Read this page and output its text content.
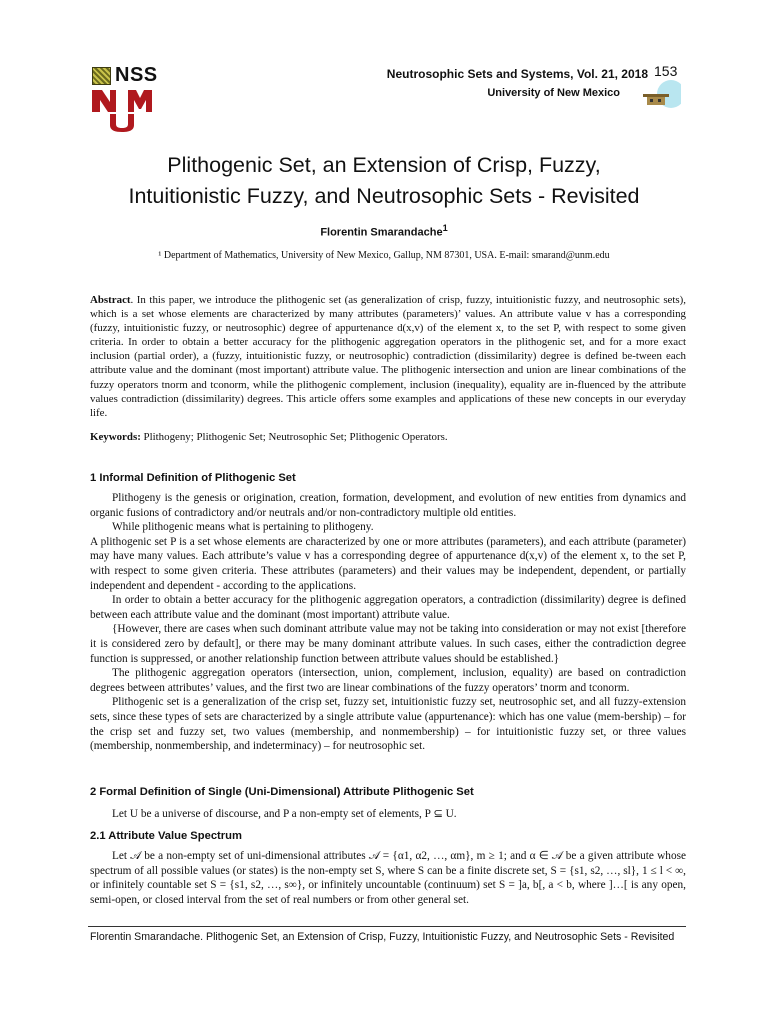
NSS	Neutrosophic Sets and Systems, Vol. 21, 2018 153
University of New Mexico
Plithogenic Set, an Extension of Crisp, Fuzzy,
Intuitionistic Fuzzy, and Neutrosophic Sets - Revisited
Florentin Smarandache$^1$
¹ Department of Mathematics, University of New Mexico, Gallup, NM 87301, USA. E-mail: smarand@unm.edu
Abstract. In this paper, we introduce the plithogenic set (as generalization of crisp, fuzzy, intuitionistic fuzzy, and neutrosophic sets), which is a set whose elements are characterized by many attributes (parameters)’ values. An attribute value v has a corresponding (fuzzy, intuitionistic fuzzy, or neutrosophic) degree of appurtenance d(x,v) of the element x, to the set P, with respect to some given criteria. In order to obtain a better accuracy for the plithogenic aggregation operators in the plithogenic set, and for a more exact inclusion (partial order), a (fuzzy, intuitionistic fuzzy, or neutrosophic) contradiction (dissimilarity) degree is defined be-tween each attribute value and the dominant (most important) attribute value. The plithogenic intersection and union are linear combinations of the fuzzy operators tnorm and tconorm, while the plithogenic complement, inclusion (inequality), equality are in-fluenced by the attribute values contradiction (dissimilarity) degrees. This article offers some examples and applications of these new concepts in our everyday life.
Keywords: Plithogeny; Plithogenic Set; Neutrosophic Set; Plithogenic Operators.
1 Informal Definition of Plithogenic Set

Plithogeny is the genesis or origination, creation, formation, development, and evolution of new entities from dynamics and organic fusions of contradictory and/or neutrals and/or non-contradictory multiple old entities.

While plithogenic means what is pertaining to plithogeny.

A plithogenic set P is a set whose elements are characterized by one or more attributes (parameters), and each attribute (parameter) may have many values. Each attribute’s value v has a corresponding degree of appurtenance d(x,v) of the element x, to the set P, with respect to some given criteria. These attributes (parameters) and their values may be independent, dependent, or partially independent and dependent - according to the applications.

In order to obtain a better accuracy for the plithogenic aggregation operators, a contradiction (dissimilarity) degree is defined between each attribute value and the dominant (most important) attribute value.

{However, there are cases when such dominant attribute value may not be taking into consideration or may not exist [therefore it is considered zero by default], or there may be many dominant attribute values. In such cases, either the contradiction degree function is suppressed, or another relationship function between attribute values should be established.}

The plithogenic aggregation operators (intersection, union, complement, inclusion, equality) are based on contradiction degrees between attributes’ values, and the first two are linear combinations of the fuzzy operators’ tnorm and tconorm.

Plithogenic set is a generalization of the crisp set, fuzzy set, intuitionistic fuzzy set, neutrosophic set, and all fuzzy-extension sets, since these types of sets are characterized by a single attribute value (appurtenance): which has one value (mem-bership) – for the crisp set and fuzzy set, two values (membership, and nonmembership) – for intuitionistic fuzzy set, or three values (membership, nonmembership, and indeterminacy) – for neutrosophic set.

2 Formal Definition of Single (Uni-Dimensional) Attribute Plithogenic Set

Let U be a universe of discourse, and P a non-empty set of elements, P ⊆ U.

2.1 Attribute Value Spectrum

Let 𝒜 be a non-empty set of uni-dimensional attributes 𝒜 = {α1, α2, …, αm}, m ≥ 1; and α ∈ 𝒜 be a given attribute whose spectrum of all possible values (or states) is the non-empty set S, where S can be a finite discrete set, S = {s1, s2, …, sl}, 1 ≤ l < ∞, or infinitely countable set S = {s1, s2, …, s∞}, or infinitely uncountable (continuum) set S = ]a, b[, a < b, where ]…[ is any open, semi-open, or closed interval from the set of real numbers or from other general set.

Florentin Smarandache. Plithogenic Set, an Extension of Crisp, Fuzzy, Intuitionistic Fuzzy, and Neutrosophic Sets - Revisited
